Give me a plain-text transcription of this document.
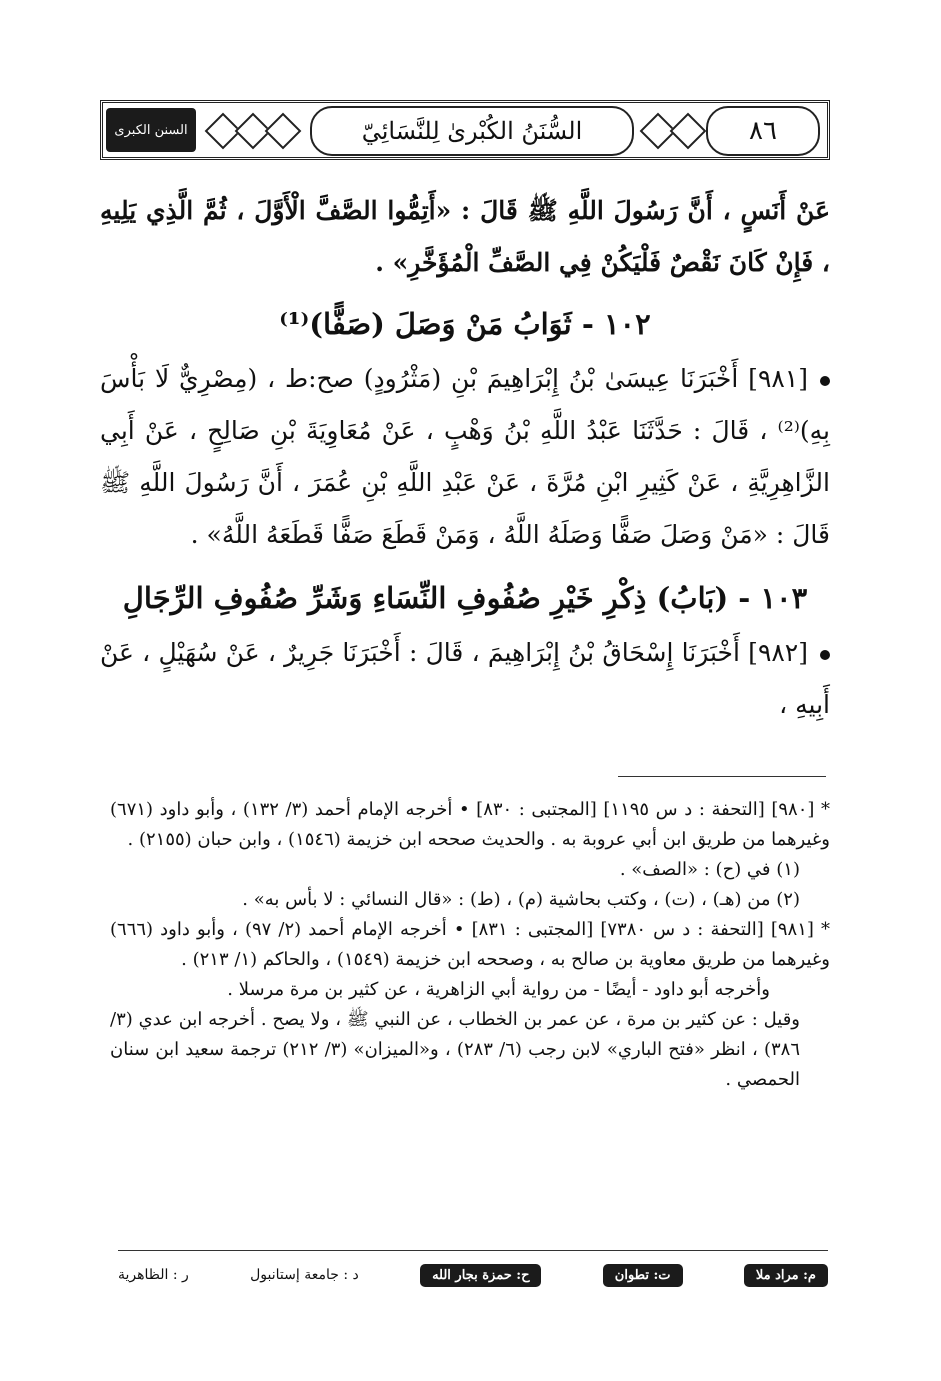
السنن الكبرى	السُّنَنُ الكُبْرىٰ لِلنَّسَائِيّ	٨٦

عَنْ أَنَسٍ ، أَنَّ رَسُولَ اللَّهِ ﷺ قَالَ : «أَتِمُّوا الصَّفَّ الْأَوَّلَ ، ثُمَّ الَّذِي يَلِيهِ ، فَإِنْ كَانَ نَقْصٌ فَلْيَكُنْ فِي الصَّفِّ الْمُؤَخَّرِ» .

١٠٢ - ثَوَابُ مَنْ وَصَلَ (صَفًّا)⁽¹⁾

[٩٨١] أَخْبَرَنَا عِيسَىٰ بْنُ إِبْرَاهِيمَ بْنِ (مَثْرُودٍ) صح:ط ، (مِصْرِيٌّ لَا بَأْسَ بِهِ)⁽²⁾ ، قَالَ : حَدَّثَنَا عَبْدُ اللَّهِ بْنُ وَهْبٍ ، عَنْ مُعَاوِيَةَ بْنِ صَالِحٍ ، عَنْ أَبِي الزَّاهِرِيَّةِ ، عَنْ كَثِيرِ ابْنِ مُرَّةَ ، عَنْ عَبْدِ اللَّهِ بْنِ عُمَرَ ، أَنَّ رَسُولَ اللَّهِ ﷺ قَالَ : «مَنْ وَصَلَ صَفًّا وَصَلَهُ اللَّهُ ، وَمَنْ قَطَعَ صَفًّا قَطَعَهُ اللَّهُ» .

١٠٣ - (بَابُ) ذِكْرِ خَيْرِ صُفُوفِ النِّسَاءِ وَشَرِّ صُفُوفِ الرِّجَالِ

[٩٨٢] أَخْبَرَنَا إِسْحَاقُ بْنُ إِبْرَاهِيمَ ، قَالَ : أَخْبَرَنَا جَرِيرٌ ، عَنْ سُهَيْلٍ ، عَنْ أَبِيهِ ،

* [٩٨٠] [التحفة : د س ١١٩٥] [المجتبى : ٨٣٠] • أخرجه الإمام أحمد (٣/ ١٣٢) ، وأبو داود (٦٧١) وغيرهما من طريق ابن أبي عروبة به . والحديث صححه ابن خزيمة (١٥٤٦) ، وابن حبان (٢١٥٥) .

(١) في (ح) : «الصف» .

(٢) من (هـ) ، (ت) ، وكتب بحاشية (م) ، (ط) : «قال النسائي : لا بأس به» .

* [٩٨١] [التحفة : د س ٧٣٨٠] [المجتبى : ٨٣١] • أخرجه الإمام أحمد (٢/ ٩٧) ، وأبو داود (٦٦٦) وغيرهما من طريق معاوية بن صالح به ، وصححه ابن خزيمة (١٥٤٩) ، والحاكم (١/ ٢١٣) .

وأخرجه أبو داود - أيضًا - من رواية أبي الزاهرية ، عن كثير بن مرة مرسلا .

وقيل : عن كثير بن مرة ، عن عمر بن الخطاب ، عن النبي ﷺ ، ولا يصح . أخرجه ابن عدي (٣/ ٣٨٦) ، انظر «فتح الباري» لابن رجب (٦/ ٢٨٣) ، و«الميزان» (٣/ ٢١٢) ترجمة سعيد ابن سنان الحمصي .

م: مراد ملا
ت: تطوان
ح: حمزة بجار الله
د : جامعة إستانبول
ر : الظاهرية
